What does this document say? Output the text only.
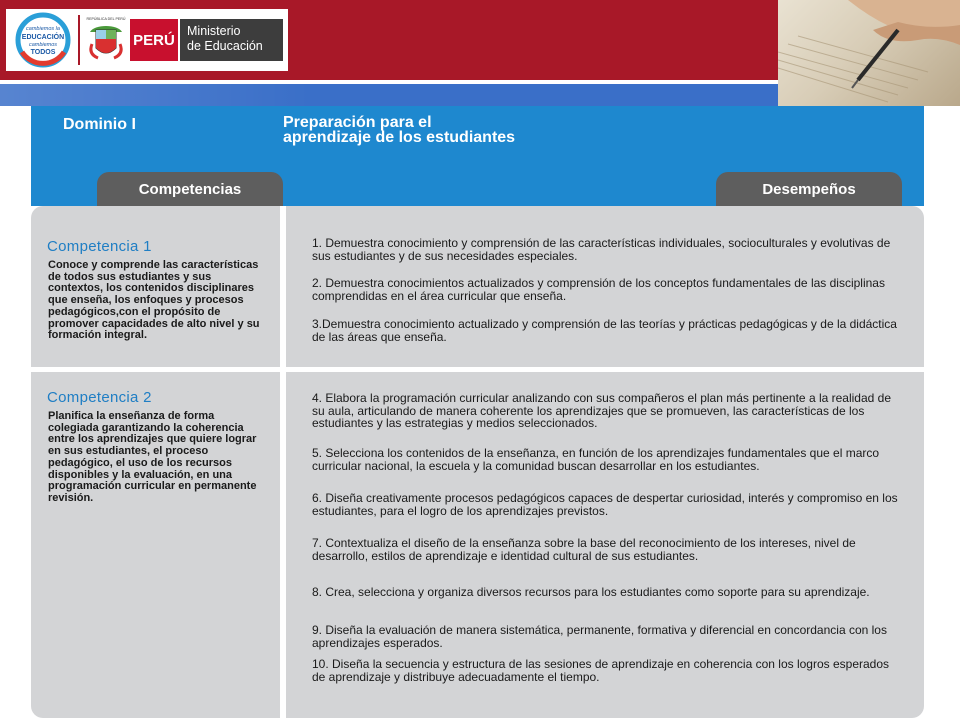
cambiemos la
EDUCACIÓN
cambiemos
TODOS
REPÚBLICA DEL PERÚ
PERÚ
Ministerio
de Educación
Dominio I	Preparación para el aprendizaje de los estudiantes
Competencias	Desempeños
Competencia 1
Conoce y comprende las características de todos sus estudiantes y sus contextos, los contenidos disciplinares que enseña, los enfoques y procesos pedagógicos,con el propósito de promover capacidades de alto nivel y su formación integral.
Competencia 2
Planifica la enseñanza de forma colegiada garantizando la coherencia entre los aprendizajes que quiere lograr en sus estudiantes, el proceso pedagógico, el uso de los recursos disponibles y la evaluación, en una programación curricular en permanente revisión.

1. Demuestra conocimiento y comprensión de las características individuales, socioculturales y evolutivas de sus estudiantes y de sus necesidades especiales.

2. Demuestra conocimientos actualizados y comprensión de los conceptos fundamentales de las disciplinas comprendidas en el área curricular que enseña.

3.Demuestra conocimiento actualizado y comprensión de las teorías y prácticas pedagógicas y de la didáctica de las áreas que enseña.

4. Elabora la programación curricular analizando con sus compañeros el plan más pertinente a la realidad de su aula, articulando de manera coherente los aprendizajes que se promueven, las características de los estudiantes y las estrategias y medios seleccionados.

5. Selecciona los contenidos de la enseñanza, en función de los aprendizajes fundamentales que el marco curricular nacional, la escuela y la comunidad buscan desarrollar en los estudiantes.

6. Diseña creativamente procesos pedagógicos capaces de despertar curiosidad, interés y compromiso en los estudiantes, para el logro de los aprendizajes previstos.

7. Contextualiza el diseño de la enseñanza sobre la base del reconocimiento de los intereses, nivel de desarrollo, estilos de aprendizaje e identidad cultural de sus estudiantes.

8. Crea, selecciona y organiza diversos recursos para los estudiantes como soporte para su aprendizaje.

9. Diseña la evaluación de manera sistemática, permanente, formativa y diferencial en concordancia con los aprendizajes esperados.

10. Diseña la secuencia y estructura de las sesiones de aprendizaje en coherencia con los logros esperados de aprendizaje y distribuye adecuadamente el tiempo.
